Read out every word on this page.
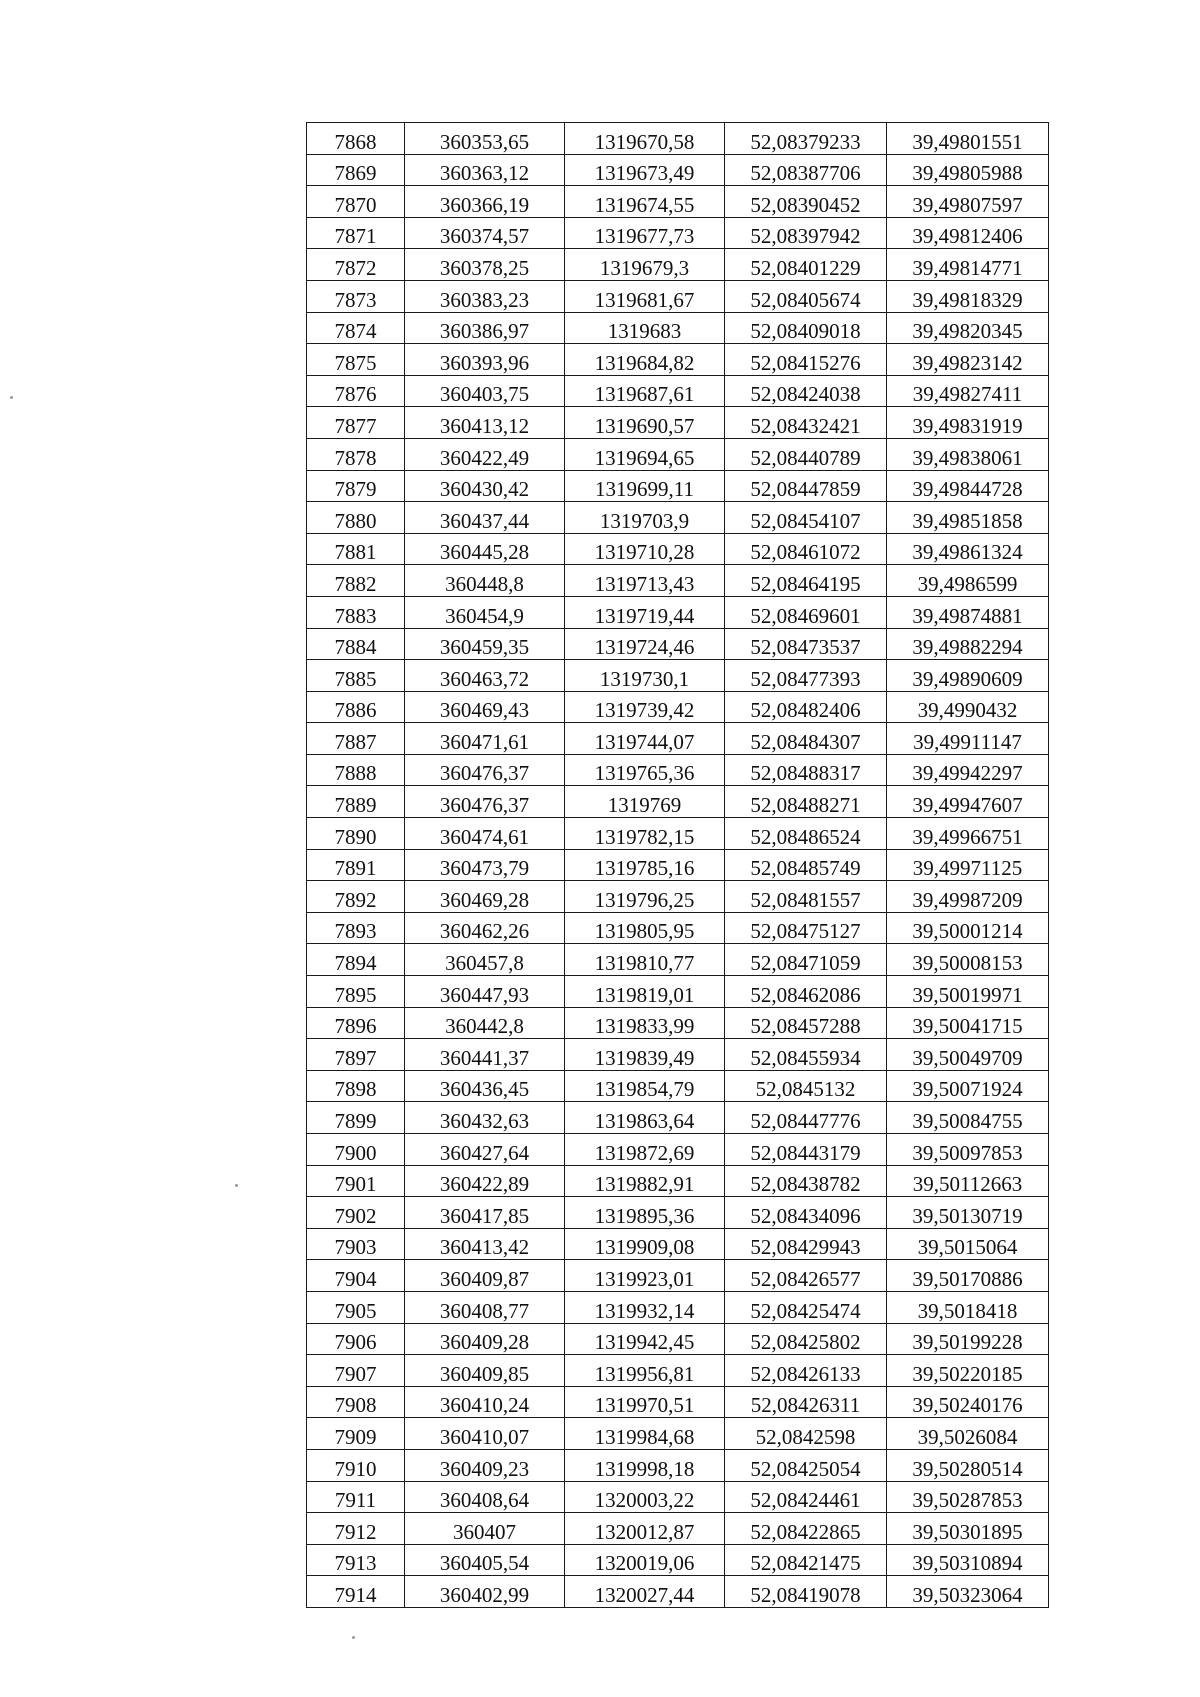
7868	360353,65	1319670,58	52,08379233	39,49801551
7869	360363,12	1319673,49	52,08387706	39,49805988
7870	360366,19	1319674,55	52,08390452	39,49807597
7871	360374,57	1319677,73	52,08397942	39,49812406
7872	360378,25	1319679,3	52,08401229	39,49814771
7873	360383,23	1319681,67	52,08405674	39,49818329
7874	360386,97	1319683	52,08409018	39,49820345
7875	360393,96	1319684,82	52,08415276	39,49823142
7876	360403,75	1319687,61	52,08424038	39,49827411
7877	360413,12	1319690,57	52,08432421	39,49831919
7878	360422,49	1319694,65	52,08440789	39,49838061
7879	360430,42	1319699,11	52,08447859	39,49844728
7880	360437,44	1319703,9	52,08454107	39,49851858
7881	360445,28	1319710,28	52,08461072	39,49861324
7882	360448,8	1319713,43	52,08464195	39,4986599
7883	360454,9	1319719,44	52,08469601	39,49874881
7884	360459,35	1319724,46	52,08473537	39,49882294
7885	360463,72	1319730,1	52,08477393	39,49890609
7886	360469,43	1319739,42	52,08482406	39,4990432
7887	360471,61	1319744,07	52,08484307	39,49911147
7888	360476,37	1319765,36	52,08488317	39,49942297
7889	360476,37	1319769	52,08488271	39,49947607
7890	360474,61	1319782,15	52,08486524	39,49966751
7891	360473,79	1319785,16	52,08485749	39,49971125
7892	360469,28	1319796,25	52,08481557	39,49987209
7893	360462,26	1319805,95	52,08475127	39,50001214
7894	360457,8	1319810,77	52,08471059	39,50008153
7895	360447,93	1319819,01	52,08462086	39,50019971
7896	360442,8	1319833,99	52,08457288	39,50041715
7897	360441,37	1319839,49	52,08455934	39,50049709
7898	360436,45	1319854,79	52,0845132	39,50071924
7899	360432,63	1319863,64	52,08447776	39,50084755
7900	360427,64	1319872,69	52,08443179	39,50097853
7901	360422,89	1319882,91	52,08438782	39,50112663
7902	360417,85	1319895,36	52,08434096	39,50130719
7903	360413,42	1319909,08	52,08429943	39,5015064
7904	360409,87	1319923,01	52,08426577	39,50170886
7905	360408,77	1319932,14	52,08425474	39,5018418
7906	360409,28	1319942,45	52,08425802	39,50199228
7907	360409,85	1319956,81	52,08426133	39,50220185
7908	360410,24	1319970,51	52,08426311	39,50240176
7909	360410,07	1319984,68	52,0842598	39,5026084
7910	360409,23	1319998,18	52,08425054	39,50280514
7911	360408,64	1320003,22	52,08424461	39,50287853
7912	360407	1320012,87	52,08422865	39,50301895
7913	360405,54	1320019,06	52,08421475	39,50310894
7914	360402,99	1320027,44	52,08419078	39,50323064
